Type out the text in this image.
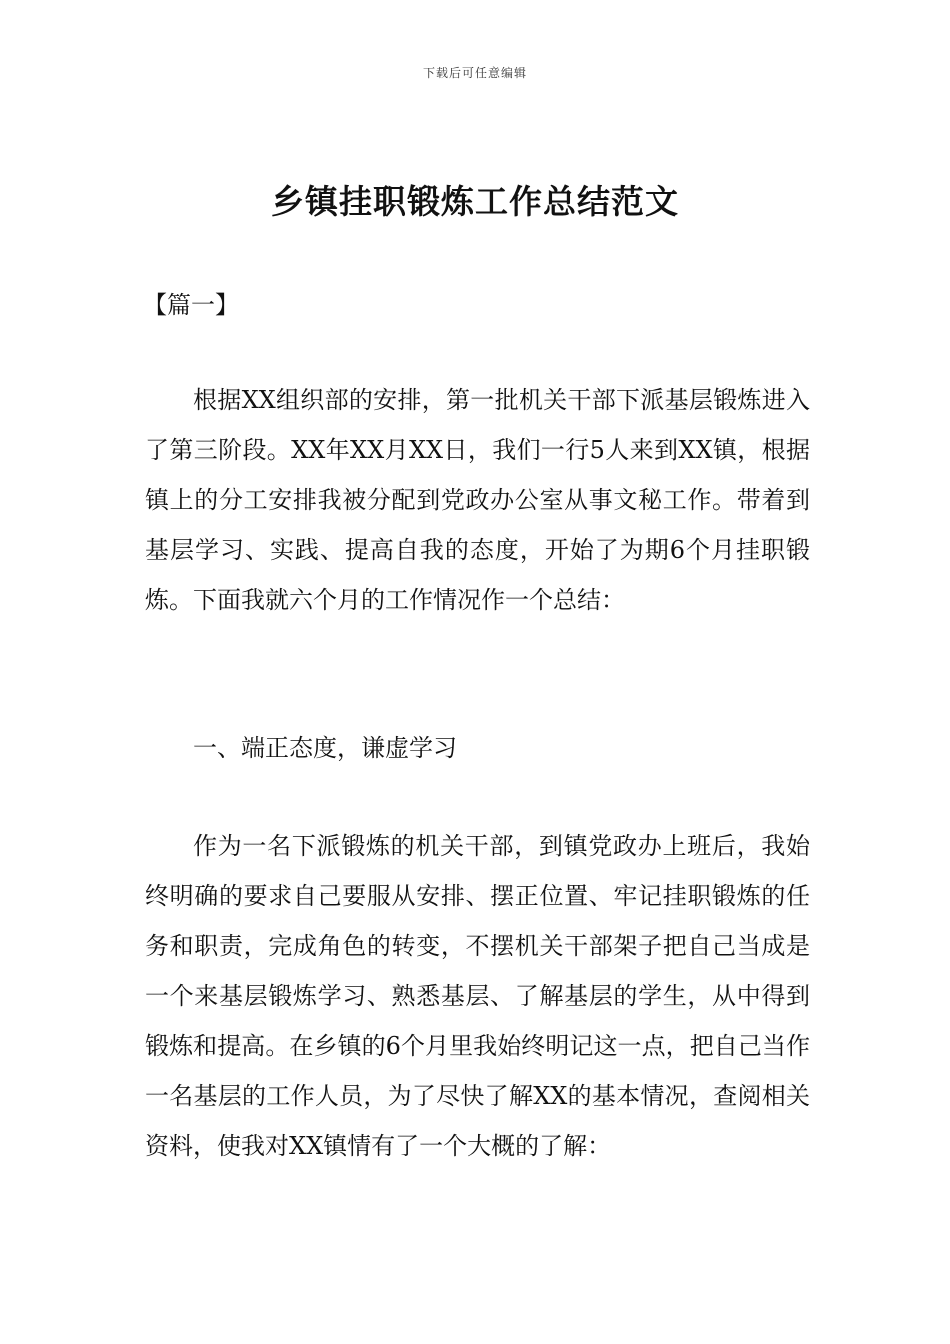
下载后可任意编辑
乡镇挂职锻炼工作总结范文
【篇一】

根据XX组织部的安排，第一批机关干部下派基层锻炼进入了第三阶段。XX年XX月XX日，我们一行5人来到XX镇，根据镇上的分工安排我被分配到党政办公室从事文秘工作。带着到基层学习、实践、提高自我的态度，开始了为期6个月挂职锻炼。下面我就六个月的工作情况作一个总结：

一、端正态度，谦虚学习

作为一名下派锻炼的机关干部，到镇党政办上班后，我始终明确的要求自己要服从安排、摆正位置、牢记挂职锻炼的任务和职责，完成角色的转变，不摆机关干部架子把自己当成是一个来基层锻炼学习、熟悉基层、了解基层的学生，从中得到锻炼和提高。在乡镇的6个月里我始终明记这一点，把自己当作一名基层的工作人员，为了尽快了解XX的基本情况，查阅相关资料，使我对XX镇情有了一个大概的了解：
